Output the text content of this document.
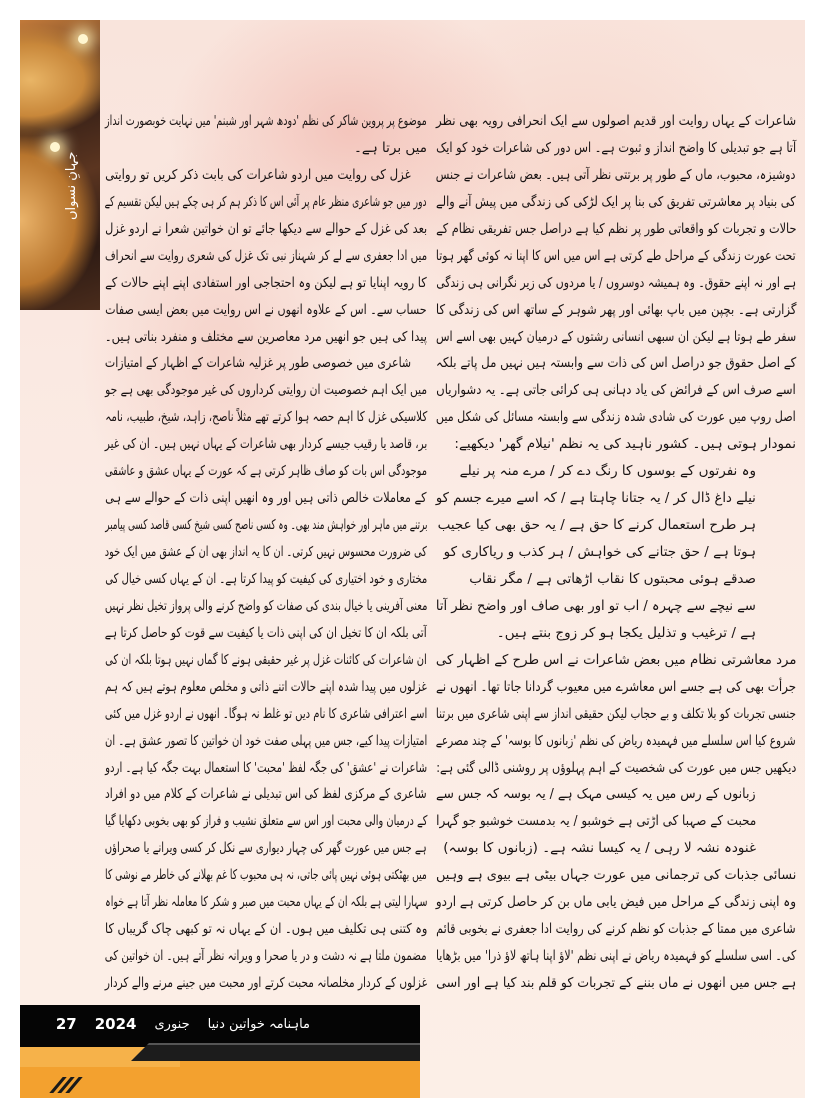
جہانِ نسواں
شاعرات کے یہاں روایت اور قدیم اصولوں سے ایک انحرافی رویہ بھی نظر
آتا ہے جو تبدیلی کا واضح انداز و ثبوت ہے۔ اس دور کی شاعرات خود کو ایک
دوشیزہ، محبوب، ماں کے طور پر برتتی نظر آتی ہیں۔ بعض شاعرات نے جنس
کی بنیاد پر معاشرتی تفریق کی بنا پر ایک لڑکی کی زندگی میں پیش آنے والے
حالات و تجربات کو واقعاتی طور پر نظم کیا ہے دراصل جس تفریقی نظام کے
تحت عورت زندگی کے مراحل طے کرتی ہے اس میں اس کا اپنا نہ کوئی گھر ہوتا
ہے اور نہ اپنے حقوق۔ وہ ہمیشہ دوسروں / یا مردوں کی زیر نگرانی ہی زندگی
گزارتی ہے۔ بچپن میں باپ بھائی اور پھر شوہر کے ساتھ اس کی زندگی کا
سفر طے ہوتا ہے لیکن ان سبھی انسانی رشتوں کے درمیان کہیں بھی اسے اس
کے اصل حقوق جو دراصل اس کی ذات سے وابستہ ہیں نہیں مل پاتے بلکہ
اسے صرف اس کے فرائض کی یاد دہانی ہی کرائی جاتی ہے۔ یہ دشواریاں
اصل روپ میں عورت کی شادی شدہ زندگی سے وابستہ مسائل کی شکل میں
نمودار ہوتی ہیں۔ کشور ناہید کی یہ نظم 'نیلام گھر' دیکھیے:
وہ نفرتوں کے بوسوں کا رنگ دے کر / مرے منہ پر نیلے
نیلے داغ ڈال کر / یہ جتانا چاہتا ہے / کہ اسے میرے جسم کو
ہر طرح استعمال کرنے کا حق ہے / یہ حق بھی کیا عجیب
ہوتا ہے / حق جتانے کی خواہش / ہر کذب و ریاکاری کو
صدقے ہوئی محبتوں کا نقاب اڑھاتی ہے / مگر نقاب
سے نیچے سے چہرہ / اب تو اور بھی صاف اور واضح نظر آتا
ہے / ترغیب و تذلیل یکجا ہو کر زوج بنتے ہیں۔
مرد معاشرتی نظام میں بعض شاعرات نے اس طرح کے اظہار کی
جرأت بھی کی ہے جسے اس معاشرے میں معیوب گردانا جاتا تھا۔ انھوں نے
جنسی تجربات کو بلا تکلف و بے حجاب لیکن حقیقی انداز سے اپنی شاعری میں برتنا
شروع کیا اس سلسلے میں فہمیدہ ریاض کی نظم 'زبانوں کا بوسہ' کے چند مصرعے
دیکھیں جس میں عورت کی شخصیت کے اہم پہلوؤں پر روشنی ڈالی گئی ہے:
زبانوں کے رس میں یہ کیسی مہک ہے / یہ بوسہ کہ جس سے
محبت کے صہبا کی اڑتی ہے خوشبو / یہ بدمست خوشبو جو گہرا
غنودہ نشہ لا رہی / یہ کیسا نشہ ہے۔ (زبانوں کا بوسہ)
نسائی جذبات کی ترجمانی میں عورت جہاں بیٹی ہے بیوی ہے وہیں
وہ اپنی زندگی کے مراحل میں فیض یابی ماں بن کر حاصل کرتی ہے اردو
شاعری میں ممتا کے جذبات کو نظم کرنے کی روایت ادا جعفری نے بخوبی قائم
کی۔ اسی سلسلے کو فہمیدہ ریاض نے اپنی نظم 'لاؤ اپنا ہاتھ لاؤ ذرا' میں بڑھایا
ہے جس میں انھوں نے ماں بننے کے تجربات کو قلم بند کیا ہے اور اسی
موضوع پر پروین شاکر کی نظم 'دودھ شہر اور شبنم' میں نہایت خوبصورت انداز
میں برتا ہے۔
غزل کی روایت میں اردو شاعرات کی بابت ذکر کریں تو روایتی
دور میں جو شاعری منظر عام پر آئی اس کا ذکر ہم کر ہی چکے ہیں لیکن تقسیم کے
بعد کی غزل کے حوالے سے دیکھا جائے تو ان خواتین شعرا نے اردو غزل
میں ادا جعفری سے لے کر شہناز نبی تک غزل کی شعری روایت سے انحراف
کا رویہ اپنایا تو ہے لیکن وہ احتجاجی اور استفادی اپنے اپنے حالات کے
حساب سے۔ اس کے علاوہ انھوں نے اس روایت میں بعض ایسی صفات
پیدا کی ہیں جو انھیں مرد معاصرین سے مختلف و منفرد بناتی ہیں۔
شاعری میں خصوصی طور پر غزلیہ شاعرات کے اظہار کے امتیازات
میں ایک اہم خصوصیت ان روایتی کرداروں کی غیر موجودگی بھی ہے جو
کلاسیکی غزل کا اہم حصہ ہوا کرتے تھے مثلاً ناصح، زاہد، شیخ، طبیب، نامہ
بر، قاصد یا رقیب جیسے کردار بھی شاعرات کے یہاں نہیں ہیں۔ ان کی غیر
موجودگی اس بات کو صاف ظاہر کرتی ہے کہ عورت کے یہاں عشق و عاشقی
کے معاملات خالص ذاتی ہیں اور وہ انھیں اپنی ذات کے حوالے سے ہی
برتنے میں ماہر اور خواہش مند بھی۔ وہ کسی ناصح کسی شیخ کسی قاصد کسی پیامبر
کی ضرورت محسوس نہیں کرتی۔ ان کا یہ انداز بھی ان کے عشق میں ایک خود
مختاری و خود اختیاری کی کیفیت کو پیدا کرتا ہے۔ ان کے یہاں کسی خیال کی
معنی آفرینی یا خیال بندی کی صفات کو واضح کرنے والی پرواز تخیل نظر نہیں
آتی بلکہ ان کا تخیل ان کی اپنی ذات یا کیفیت سے قوت کو حاصل کرتا ہے
ان شاعرات کی کائنات غزل پر غیر حقیقی ہونے کا گماں نہیں ہوتا بلکہ ان کی
غزلوں میں پیدا شدہ اپنے حالات اتنے ذاتی و مخلص معلوم ہوتے ہیں کہ ہم
اسے اعترافی شاعری کا نام دیں تو غلط نہ ہوگا۔ انھوں نے اردو غزل میں کئی
امتیازات پیدا کیے، جس میں پہلی صفت خود ان خواتین کا تصور عشق ہے۔ ان
شاعرات نے 'عشق' کی جگہ لفظ 'محبت' کا استعمال بہت جگہ کیا ہے۔ اردو
شاعری کے مرکزی لفظ کی اس تبدیلی نے شاعرات کے کلام میں دو افراد
کے درمیان والی محبت اور اس سے متعلق نشیب و فراز کو بھی بخوبی دکھایا گیا
ہے جس میں عورت گھر کی چہار دیواری سے نکل کر کسی ویرانے یا صحراؤں
میں بھٹکتی ہوئی نہیں پائی جاتی، نہ ہی محبوب کا غم بھلانے کی خاطر مے نوشی کا
سہارا لیتی ہے بلکہ ان کے یہاں محبت میں صبر و شکر کا معاملہ نظر آتا ہے خواہ
وہ کتنی ہی تکلیف میں ہوں۔ ان کے یہاں نہ تو کبھی چاک گریباں کا
مضمون ملتا ہے نہ دشت و در یا صحرا و ویرانہ نظر آتے ہیں۔ ان خواتین کی
غزلوں کے کردار مخلصانہ محبت کرتے اور محبت میں جینے مرنے والے کردار
ماہنامہ خواتین دنیا
جنوری
2024
27
